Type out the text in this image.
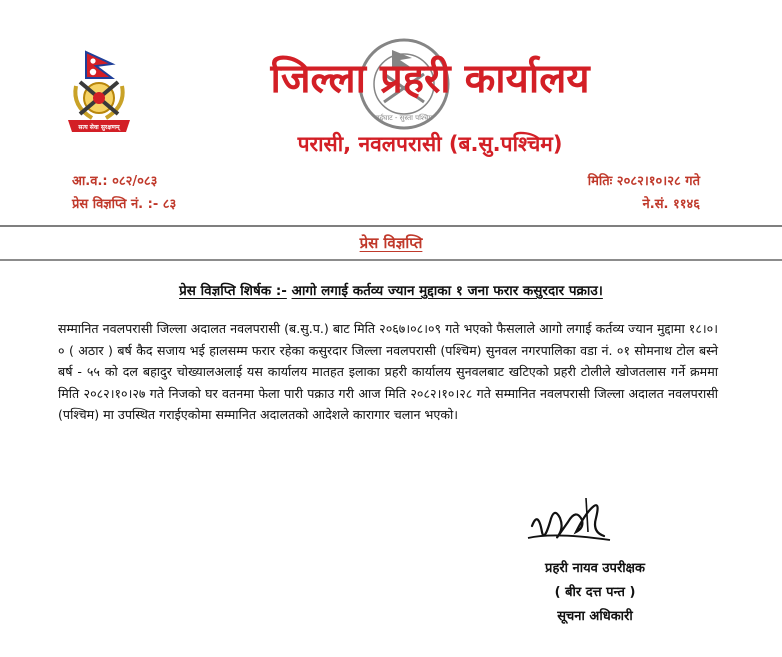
सत्य सेवा सुरक्षणम्
बर्दघाट - सुस्ता पश्चिम
जिल्ला प्रहरी कार्यालय
परासी, नवलपरासी (ब.सु.पश्चिम)
आ.व.: ०८२/०८३
प्रेस विज्ञप्ति नं. :- ८३
मितिः २०८२।१०।२८ गते
ने.सं. ११४६
प्रेस विज्ञप्ति
प्रेस विज्ञप्ति शिर्षक :- आगो लगाई कर्तव्य ज्यान मुद्दाका १ जना फरार कसुरदार पक्राउ।
सम्मानित नवलपरासी जिल्ला अदालत नवलपरासी (ब.सु.प.) बाट मिति २०६७।०८।०९ गते भएको फैसलाले आगो लगाई कर्तव्य ज्यान मुद्दामा १८।०।० ( अठार ) बर्ष कैद सजाय भई हालसम्म फरार रहेका कसुरदार जिल्ला नवलपरासी (पश्चिम) सुनवल नगरपालिका वडा नं. ०१ सोमनाथ टोल बस्ने बर्ष - ५५ को दल बहादुर चोख्यालअलाई यस कार्यालय मातहत इलाका प्रहरी कार्यालय सुनवलबाट खटिएको प्रहरी टोलीले खोजतलास गर्ने क्रममा मिति २०८२।१०।२७ गते निजको घर वतनमा फेला पारी पक्राउ गरी आज मिति २०८२।१०।२८ गते सम्मानित नवलपरासी जिल्ला अदालत नवलपरासी (पश्चिम) मा उपस्थित गराईएकोमा सम्मानित अदालतको आदेशले कारागार चलान भएको।
प्रहरी नायव उपरीक्षक
( बीर दत्त पन्त )
सूचना अधिकारी
